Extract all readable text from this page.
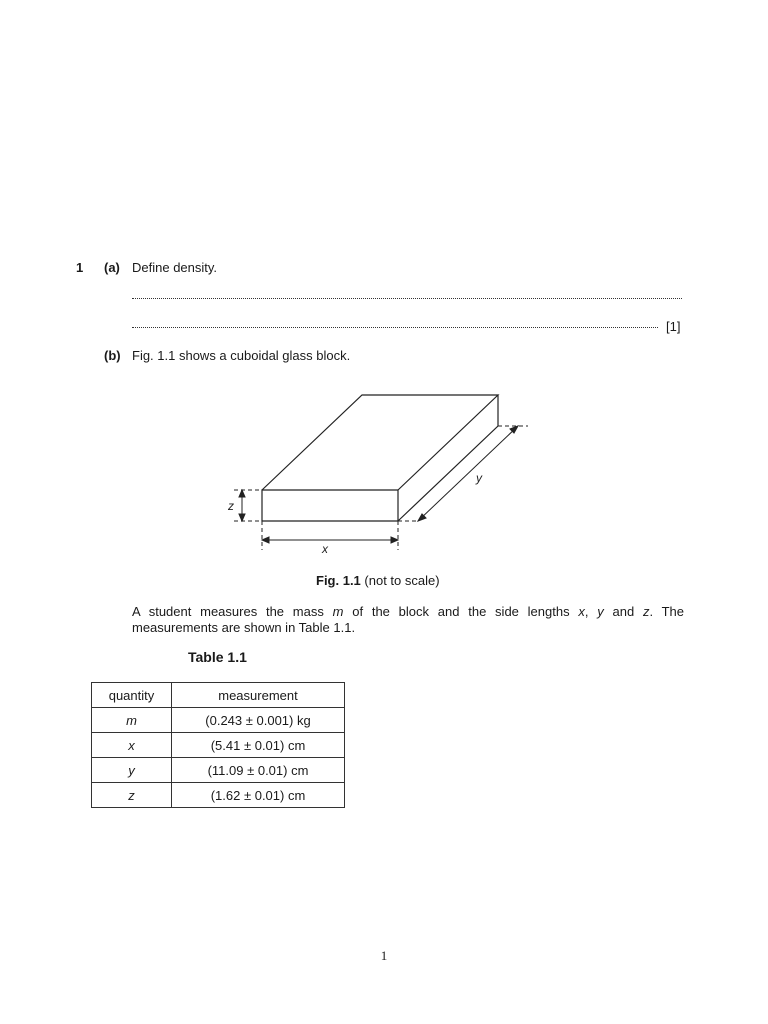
1 (a) Define density.
[1]
(b) Fig. 1.1 shows a cuboidal glass block.
y
z
x
Fig. 1.1 (not to scale)
A student measures the mass m of the block and the side lengths x, y and z. The
measurements are shown in Table 1.1.
Table 1.1
quantity	measurement
m	(0.243 ± 0.001) kg
x	(5.41 ± 0.01) cm
y	(11.09 ± 0.01) cm
z	(1.62 ± 0.01) cm
1
